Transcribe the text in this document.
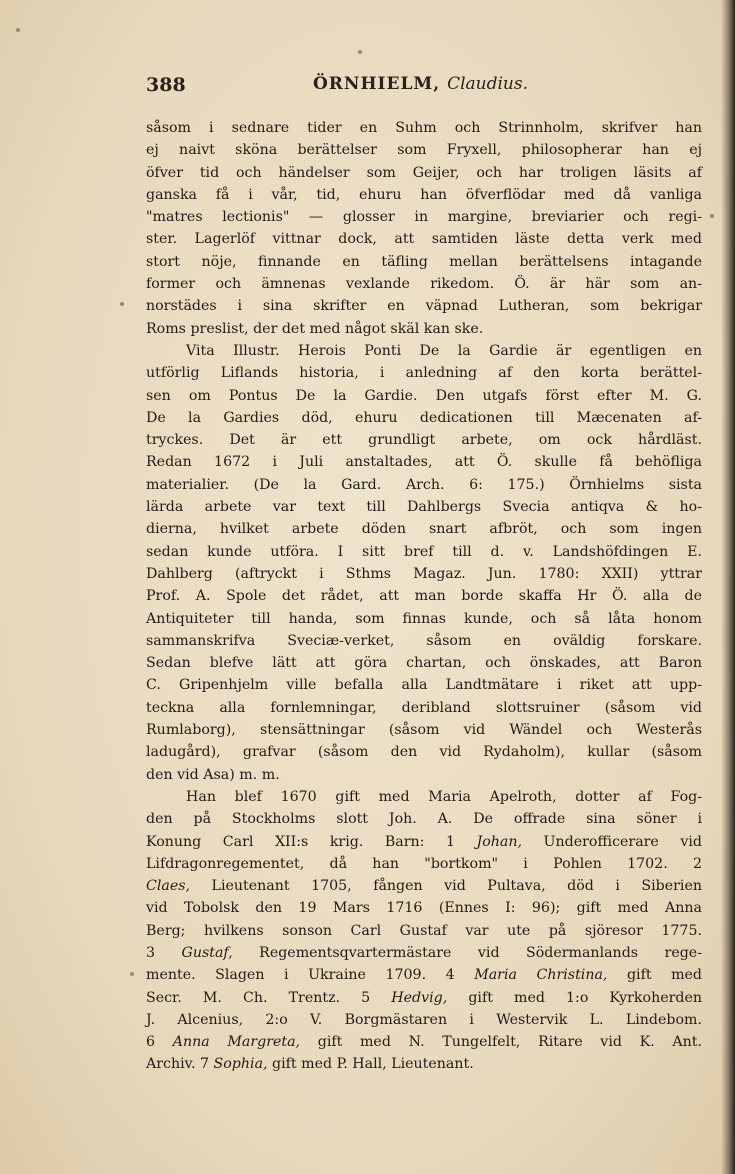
388	ÖRNHIELM, Claudius.
såsom i sednare tider en Suhm och Strinnholm, skrifver han
ej naivt sköna berättelser som Fryxell, philosopherar han ej
öfver tid och händelser som Geijer, och har troligen läsits af
ganska få i vår, tid, ehuru han öfverflödar med då vanliga
"matres lectionis" — glosser in margine, breviarier och regi-
ster. Lagerlöf vittnar dock, att samtiden läste detta verk med
stort nöje, finnande en täfling mellan berättelsens intagande
former och ämnenas vexlande rikedom. Ö. är här som an-
norstädes i sina skrifter en väpnad Lutheran, som bekrigar
Roms preslist, der det med något skäl kan ske.
Vita Illustr. Herois Ponti De la Gardie är egentligen en
utförlig Liflands historia, i anledning af den korta berättel-
sen om Pontus De la Gardie. Den utgafs först efter M. G.
De la Gardies död, ehuru dedicationen till Mæcenaten af-
tryckes. Det är ett grundligt arbete, om ock hårdläst.
Redan 1672 i Juli anstaltades, att Ö. skulle få behöfliga
materialier. (De la Gard. Arch. 6: 175.) Örnhielms sista
lärda arbete var text till Dahlbergs Svecia antiqva & ho-
dierna, hvilket arbete döden snart afbröt, och som ingen
sedan kunde utföra. I sitt bref till d. v. Landshöfdingen E.
Dahlberg (aftryckt i Sthms Magaz. Jun. 1780: XXII) yttrar
Prof. A. Spole det rådet, att man borde skaffa Hr Ö. alla de
Antiquiteter till handa, som finnas kunde, och så låta honom
sammanskrifva Sveciæ-verket, såsom en oväldig forskare.
Sedan blefve lätt att göra chartan, och önskades, att Baron
C. Gripenhjelm ville befalla alla Landtmätare i riket att upp-
teckna alla fornlemningar, deribland slottsruiner (såsom vid
Rumlaborg), stensättningar (såsom vid Wändel och Westerås
ladugård), grafvar (såsom den vid Rydaholm), kullar (såsom
den vid Asa) m. m.
Han blef 1670 gift med Maria Apelroth, dotter af Fog-
den på Stockholms slott Joh. A. De offrade sina söner i
Konung Carl XII:s krig. Barn: 1 Johan, Underofficerare vid
Lifdragonregementet, då han "bortkom" i Pohlen 1702. 2
Claes, Lieutenant 1705, fången vid Pultava, död i Siberien
vid Tobolsk den 19 Mars 1716 (Ennes I: 96); gift med Anna
Berg; hvilkens sonson Carl Gustaf var ute på sjöresor 1775.
3 Gustaf, Regementsqvartermästare vid Södermanlands rege-
mente. Slagen i Ukraine 1709. 4 Maria Christina, gift med
Secr. M. Ch. Trentz. 5 Hedvig, gift med 1:o Kyrkoherden
J. Alcenius, 2:o V. Borgmästaren i Westervik L. Lindebom.
6 Anna Margreta, gift med N. Tungelfelt, Ritare vid K. Ant.
Archiv. 7 Sophia, gift med P. Hall, Lieutenant.
